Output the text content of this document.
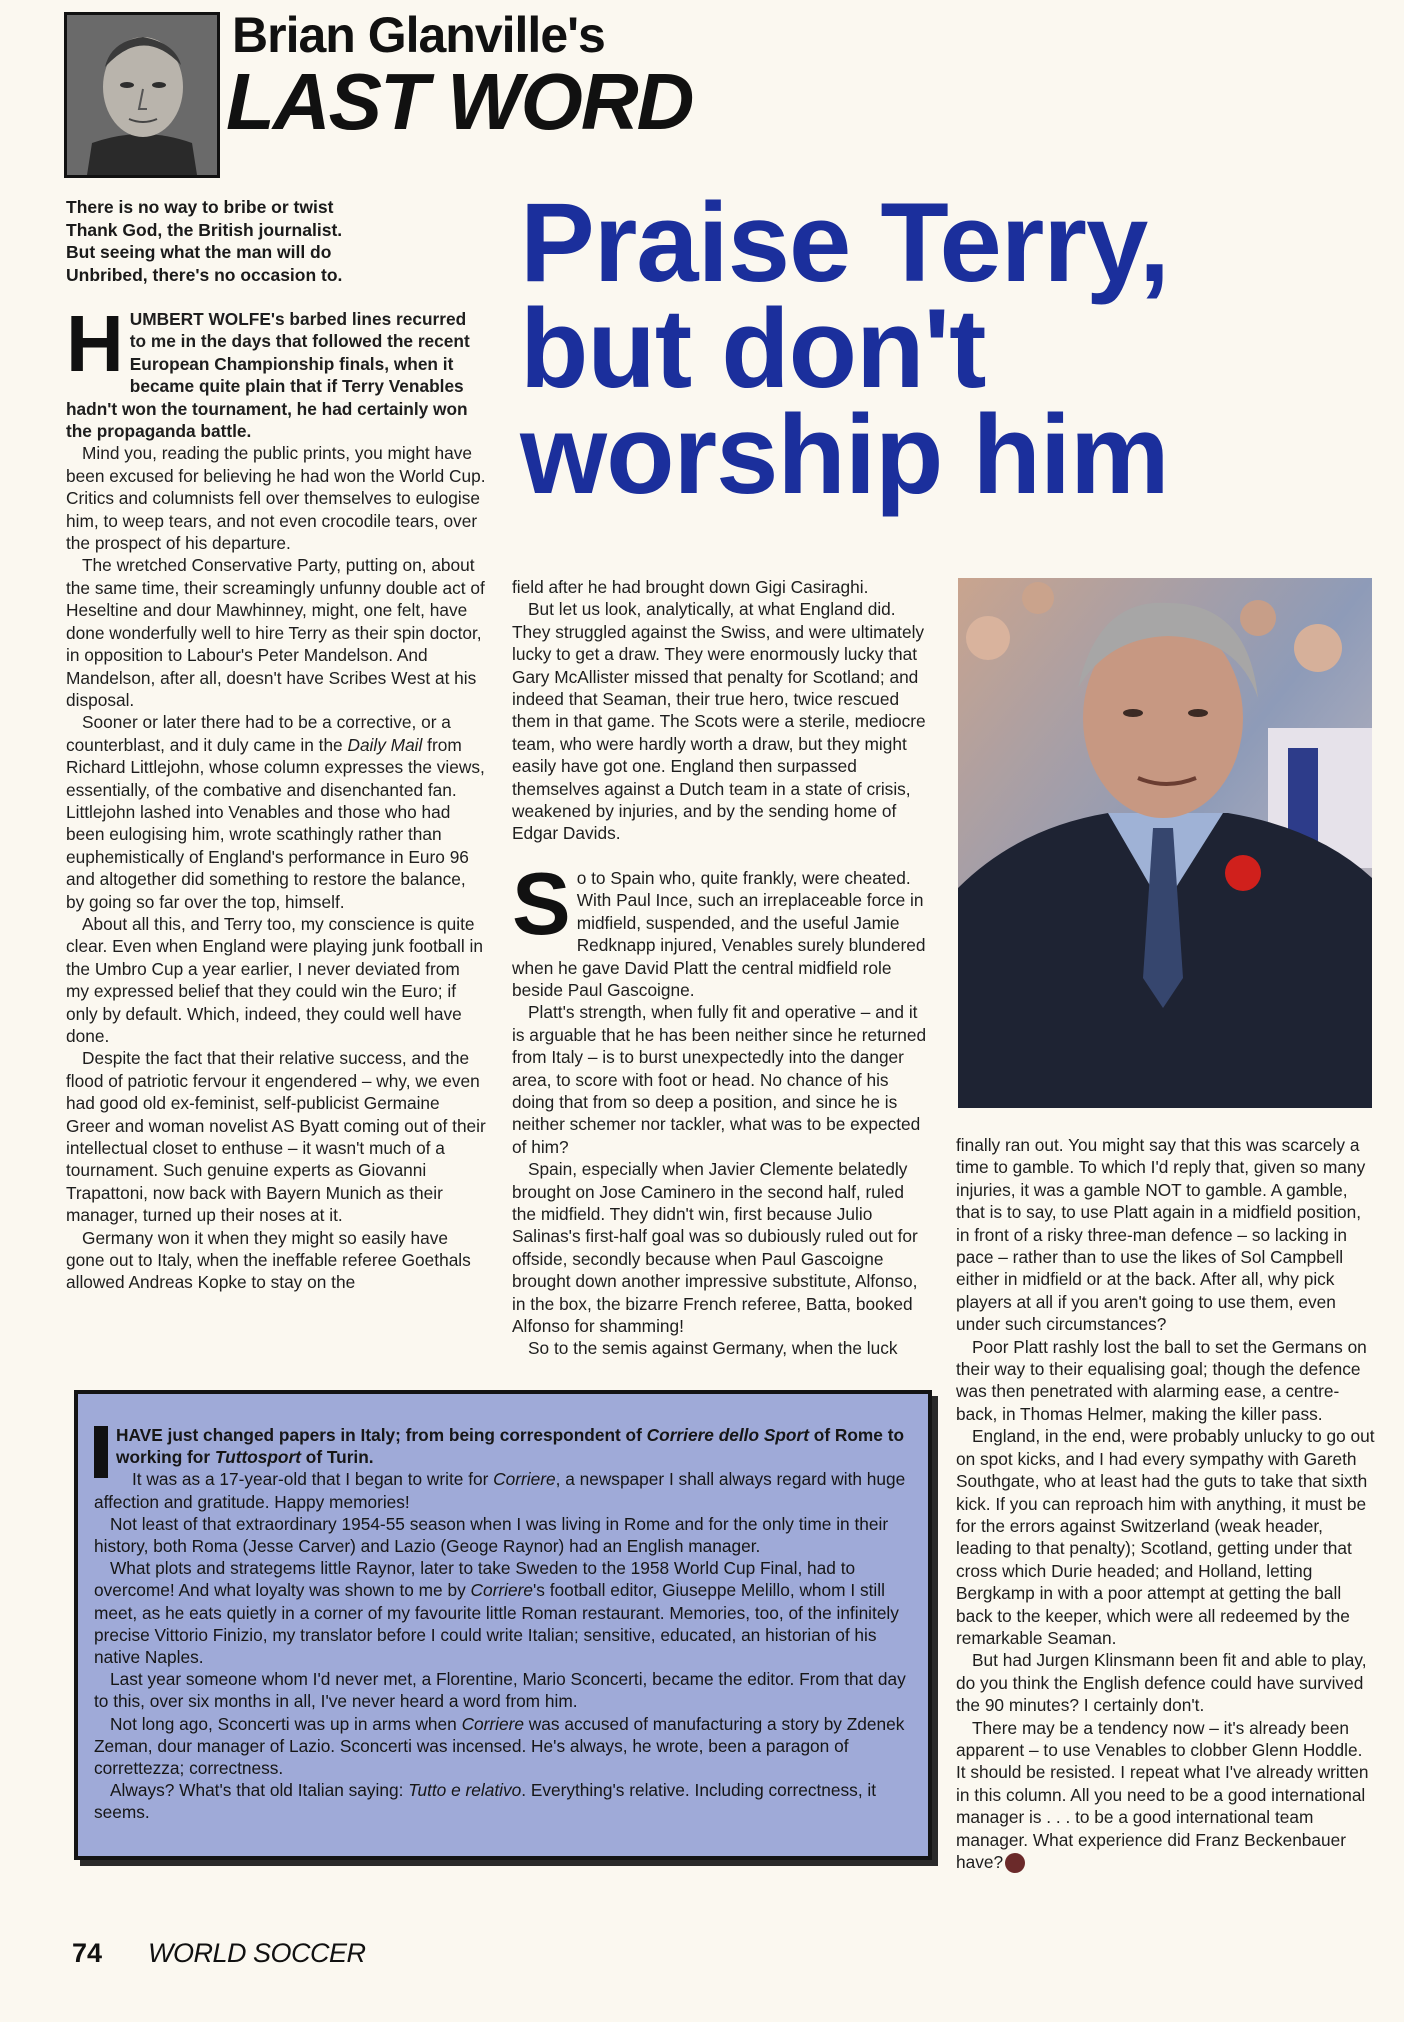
Brian Glanville's
LAST WORD
There is no way to bribe or twist
Thank God, the British journalist.
But seeing what the man will do
Unbribed, there's no occasion to.	Praise Terry,
but don't
worship him

HUMBERT WOLFE's barbed lines recurred to me in the days that followed the recent European Championship finals, when it became quite plain that if Terry Venables hadn't won the tournament, he had certainly won the propaganda battle.

Mind you, reading the public prints, you might have been excused for believing he had won the World Cup. Critics and columnists fell over themselves to eulogise him, to weep tears, and not even crocodile tears, over the prospect of his departure.

The wretched Conservative Party, putting on, about the same time, their screamingly unfunny double act of Heseltine and dour Mawhinney, might, one felt, have done wonderfully well to hire Terry as their spin doctor, in opposition to Labour's Peter Mandelson. And Mandelson, after all, doesn't have Scribes West at his disposal.

Sooner or later there had to be a corrective, or a counterblast, and it duly came in the Daily Mail from Richard Littlejohn, whose column expresses the views, essentially, of the combative and disenchanted fan. Littlejohn lashed into Venables and those who had been eulogising him, wrote scathingly rather than euphemistically of England's performance in Euro 96 and altogether did something to restore the balance, by going so far over the top, himself.

About all this, and Terry too, my conscience is quite clear. Even when England were playing junk football in the Umbro Cup a year earlier, I never deviated from my expressed belief that they could win the Euro; if only by default. Which, indeed, they could well have done.

Despite the fact that their relative success, and the flood of patriotic fervour it engendered – why, we even had good old ex-feminist, self-publicist Germaine Greer and woman novelist AS Byatt coming out of their intellectual closet to enthuse – it wasn't much of a tournament. Such genuine experts as Giovanni Trapattoni, now back with Bayern Munich as their manager, turned up their noses at it.

Germany won it when they might so easily have gone out to Italy, when the ineffable referee Goethals allowed Andreas Kopke to stay on the

field after he had brought down Gigi Casiraghi.

But let us look, analytically, at what England did. They struggled against the Swiss, and were ultimately lucky to get a draw. They were enormously lucky that Gary McAllister missed that penalty for Scotland; and indeed that Seaman, their true hero, twice rescued them in that game. The Scots were a sterile, mediocre team, who were hardly worth a draw, but they might easily have got one. England then surpassed themselves against a Dutch team in a state of crisis, weakened by injuries, and by the sending home of Edgar Davids.

So to Spain who, quite frankly, were cheated. With Paul Ince, such an irreplaceable force in midfield, suspended, and the useful Jamie Redknapp injured, Venables surely blundered when he gave David Platt the central midfield role beside Paul Gascoigne.

Platt's strength, when fully fit and operative – and it is arguable that he has been neither since he returned from Italy – is to burst unexpectedly into the danger area, to score with foot or head. No chance of his doing that from so deep a position, and since he is neither schemer nor tackler, what was to be expected of him?

Spain, especially when Javier Clemente belatedly brought on Jose Caminero in the second half, ruled the midfield. They didn't win, first because Julio Salinas's first-half goal was so dubiously ruled out for offside, secondly because when Paul Gascoigne brought down another impressive substitute, Alfonso, in the box, the bizarre French referee, Batta, booked Alfonso for shamming!

So to the semis against Germany, when the luck

finally ran out. You might say that this was scarcely a time to gamble. To which I'd reply that, given so many injuries, it was a gamble NOT to gamble. A gamble, that is to say, to use Platt again in a midfield position, in front of a risky three-man defence – so lacking in pace – rather than to use the likes of Sol Campbell either in midfield or at the back. After all, why pick players at all if you aren't going to use them, even under such circumstances?

Poor Platt rashly lost the ball to set the Germans on their way to their equalising goal; though the defence was then penetrated with alarming ease, a centre-back, in Thomas Helmer, making the killer pass.

England, in the end, were probably unlucky to go out on spot kicks, and I had every sympathy with Gareth Southgate, who at least had the guts to take that sixth kick. If you can reproach him with anything, it must be for the errors against Switzerland (weak header, leading to that penalty); Scotland, getting under that cross which Durie headed; and Holland, letting Bergkamp in with a poor attempt at getting the ball back to the keeper, which were all redeemed by the remarkable Seaman.

But had Jurgen Klinsmann been fit and able to play, do you think the English defence could have survived the 90 minutes? I certainly don't.

There may be a tendency now – it's already been apparent – to use Venables to clobber Glenn Hoddle. It should be resisted. I repeat what I've already written in this column. All you need to be a good international manager is . . . to be a good international team manager. What experience did Franz Beckenbauer have?

HAVE just changed papers in Italy; from being correspondent of Corriere dello Sport of Rome to working for Tuttosport of Turin.

It was as a 17-year-old that I began to write for Corriere, a newspaper I shall always regard with huge affection and gratitude. Happy memories!

Not least of that extraordinary 1954-55 season when I was living in Rome and for the only time in their history, both Roma (Jesse Carver) and Lazio (Geoge Raynor) had an English manager.

What plots and strategems little Raynor, later to take Sweden to the 1958 World Cup Final, had to overcome! And what loyalty was shown to me by Corriere's football editor, Giuseppe Melillo, whom I still meet, as he eats quietly in a corner of my favourite little Roman restaurant. Memories, too, of the infinitely precise Vittorio Finizio, my translator before I could write Italian; sensitive, educated, an historian of his native Naples.

Last year someone whom I'd never met, a Florentine, Mario Sconcerti, became the editor. From that day to this, over six months in all, I've never heard a word from him.

Not long ago, Sconcerti was up in arms when Corriere was accused of manufacturing a story by Zdenek Zeman, dour manager of Lazio. Sconcerti was incensed. He's always, he wrote, been a paragon of correttezza; correctness.

Always? What's that old Italian saying: Tutto e relativo. Everything's relative. Including correctness, it seems.

74 WORLD SOCCER
